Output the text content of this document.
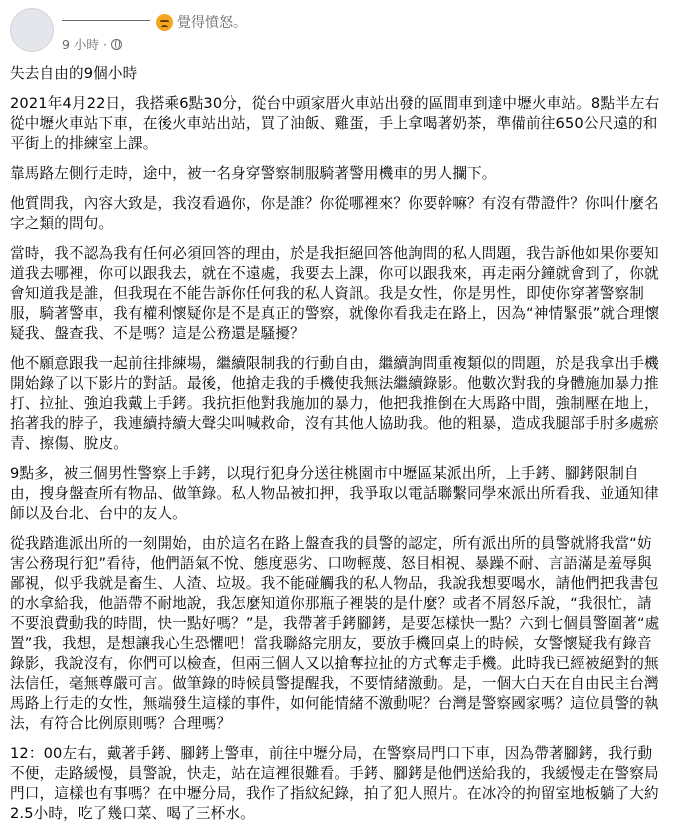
覺得憤怒。
9 小時 ·

失去自由的9個小時

2021年4月22日，我搭乘6點30分，從台中頭家厝火車站出發的區間車到達中壢火車站。8點半左右從中壢火車站下車，在後火車站出站，買了油飯、雞蛋，手上拿喝著奶茶，準備前往650公尺遠的和平街上的排練室上課。

靠馬路左側行走時，途中，被一名身穿警察制服騎著警用機車的男人攔下。

他質問我，內容大致是，我沒看過你，你是誰？你從哪裡來？你要幹嘛？有沒有帶證件？你叫什麼名字之類的問句。

當時，我不認為我有任何必須回答的理由，於是我拒絕回答他詢問的私人問題，我告訴他如果你要知道我去哪裡，你可以跟我去，就在不遠處，我要去上課，你可以跟我來，再走兩分鐘就會到了，你就會知道我是誰，但我現在不能告訴你任何我的私人資訊。我是女性，你是男性，即使你穿著警察制服，騎著警車，我有權利懷疑你是不是真正的警察，就像你看我走在路上，因為“神情緊張”就合理懷疑我、盤查我、不是嗎？這是公務還是騷擾？

他不願意跟我一起前往排練場，繼續限制我的行動自由，繼續詢問重複類似的問題，於是我拿出手機開始錄了以下影片的對話。最後，他搶走我的手機使我無法繼續錄影。他數次對我的身體施加暴力推打、拉扯、強迫我戴上手銬。我抗拒他對我施加的暴力，他把我推倒在大馬路中間，強制壓在地上，掐著我的脖子，我連續持續大聲尖叫喊救命，沒有其他人協助我。他的粗暴，造成我腿部手肘多處瘀青、擦傷、脫皮。

9點多，被三個男性警察上手銬，以現行犯身分送往桃園市中壢區某派出所，上手銬、腳銬限制自由，搜身盤查所有物品、做筆錄。私人物品被扣押，我爭取以電話聯繫同學來派出所看我、並通知律師以及台北、台中的友人。

從我踏進派出所的一刻開始，由於這名在路上盤查我的員警的認定，所有派出所的員警就將我當“妨害公務現行犯”看待，他們語氣不悅、態度惡劣、口吻輕蔑、怒目相視、暴躁不耐、言語滿是羞辱與鄙視，似乎我就是畜生、人渣、垃圾。我不能碰觸我的私人物品，我說我想要喝水，請他們把我書包的水拿給我，他語帶不耐地說，我怎麼知道你那瓶子裡裝的是什麼？或者不屑怒斥說，“我很忙，請不要浪費動我的時間，快一點好嗎？”是，我帶著手銬腳銬，是要怎樣快一點？六到七個員警圍著“處置”我，我想，是想讓我心生恐懼吧！當我聯絡完朋友，要放手機回桌上的時候，女警懷疑我有錄音錄影，我說沒有，你們可以檢查，但兩三個人又以搶奪拉扯的方式奪走手機。此時我已經被絕對的無法信任，毫無尊嚴可言。做筆錄的時候員警提醒我，不要情緒激動。是，一個大白天在自由民主台灣馬路上行走的女性，無端發生這樣的事件，如何能情緒不激動呢？台灣是警察國家嗎？這位員警的執法，有符合比例原則嗎？合理嗎？

12：00左右，戴著手銬、腳銬上警車，前往中壢分局，在警察局門口下車，因為帶著腳銬，我行動不便，走路緩慢，員警說，快走，站在這裡很難看。手銬、腳銬是他們送給我的，我緩慢走在警察局門口，這樣也有事嗎？在中壢分局，我作了指紋紀錄，拍了犯人照片。在冰冷的拘留室地板躺了大約2.5小時，吃了幾口菜、喝了三杯水。
